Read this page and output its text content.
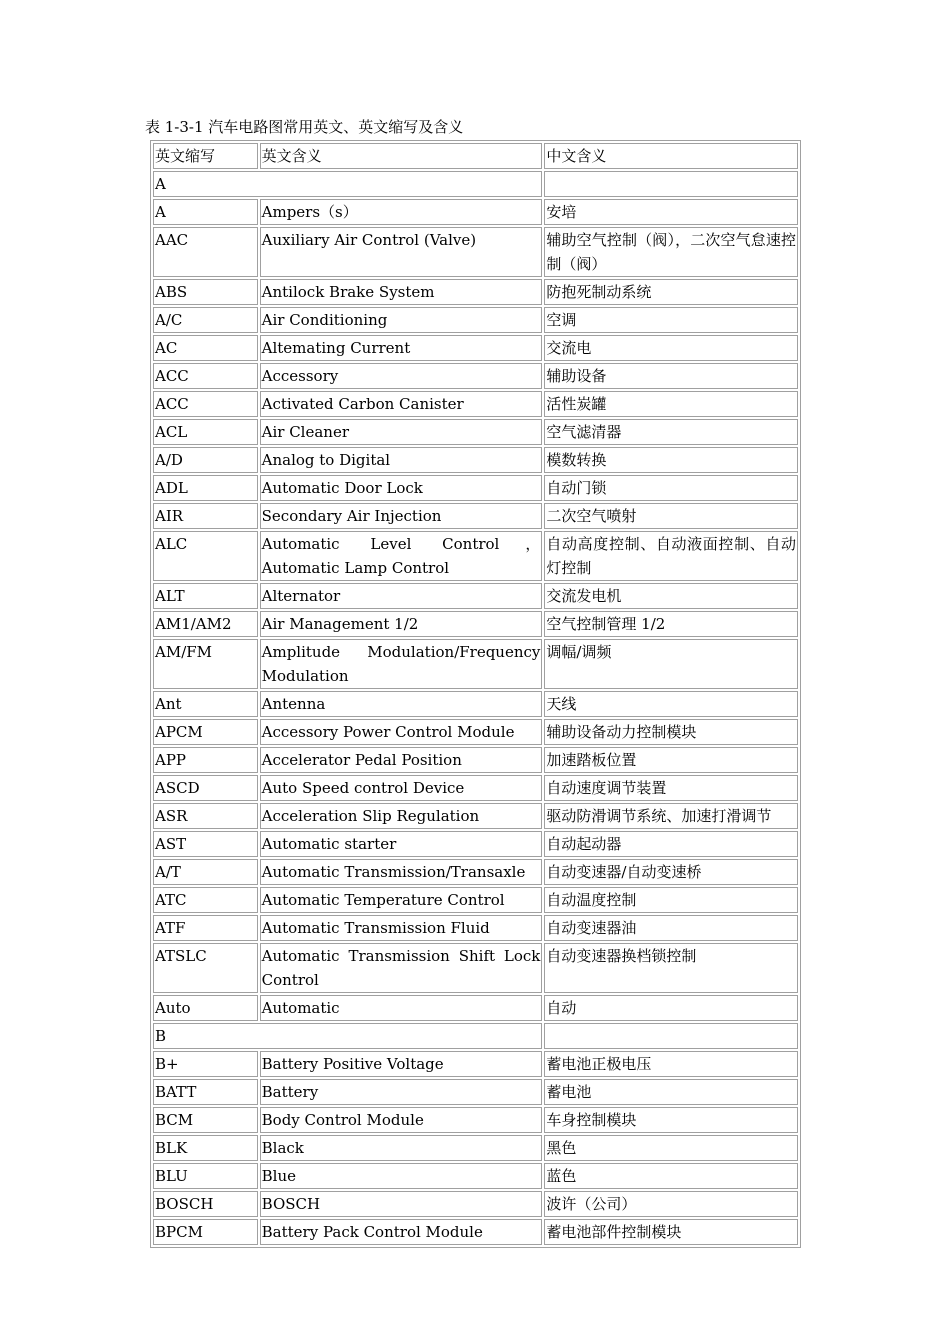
表 1-3-1 汽车电路图常用英文、英文缩写及含义
英文缩写	英文含义	中文含义
A		
A	Ampers（s）	安培
AAC	Auxiliary Air Control (Valve)	辅助空气控制（阀），二次空气怠速控制（阀）
ABS	Antilock Brake System	防抱死制动系统
A/C	Air Conditioning	空调
AC	Altemating Current	交流电
ACC	Accessory	辅助设备
ACC	Activated Carbon Canister	活性炭罐
ACL	Air Cleaner	空气滤清器
A/D	Analog to Digital	模数转换
ADL	Automatic Door Lock	自动门锁
AIR	Secondary Air Injection	二次空气喷射
ALC	Automatic Level Control， Automatic Lamp Control	自动高度控制、自动液面控制、自动灯控制
ALT	Alternator	交流发电机
AM1/AM2	Air Management 1/2	空气控制管理 1/2
AM/FM	Amplitude Modulation/Frequency Modulation	调幅/调频
Ant	Antenna	天线
APCM	Accessory Power Control Module	辅助设备动力控制模块
APP	Accelerator Pedal Position	加速踏板位置
ASCD	Auto Speed control Device	自动速度调节装置
ASR	Acceleration Slip Regulation	驱动防滑调节系统、加速打滑调节
AST	Automatic starter	自动起动器
A/T	Automatic Transmission/Transaxle	自动变速器/自动变速桥
ATC	Automatic Temperature Control	自动温度控制
ATF	Automatic Transmission Fluid	自动变速器油
ATSLC	Automatic Transmission Shift Lock Control	自动变速器换档锁控制
Auto	Automatic	自动
B		
B+	Battery Positive Voltage	蓄电池正极电压
BATT	Battery	蓄电池
BCM	Body Control Module	车身控制模块
BLK	Black	黑色
BLU	Blue	蓝色
BOSCH	BOSCH	波许（公司）
BPCM	Battery Pack Control Module	蓄电池部件控制模块
